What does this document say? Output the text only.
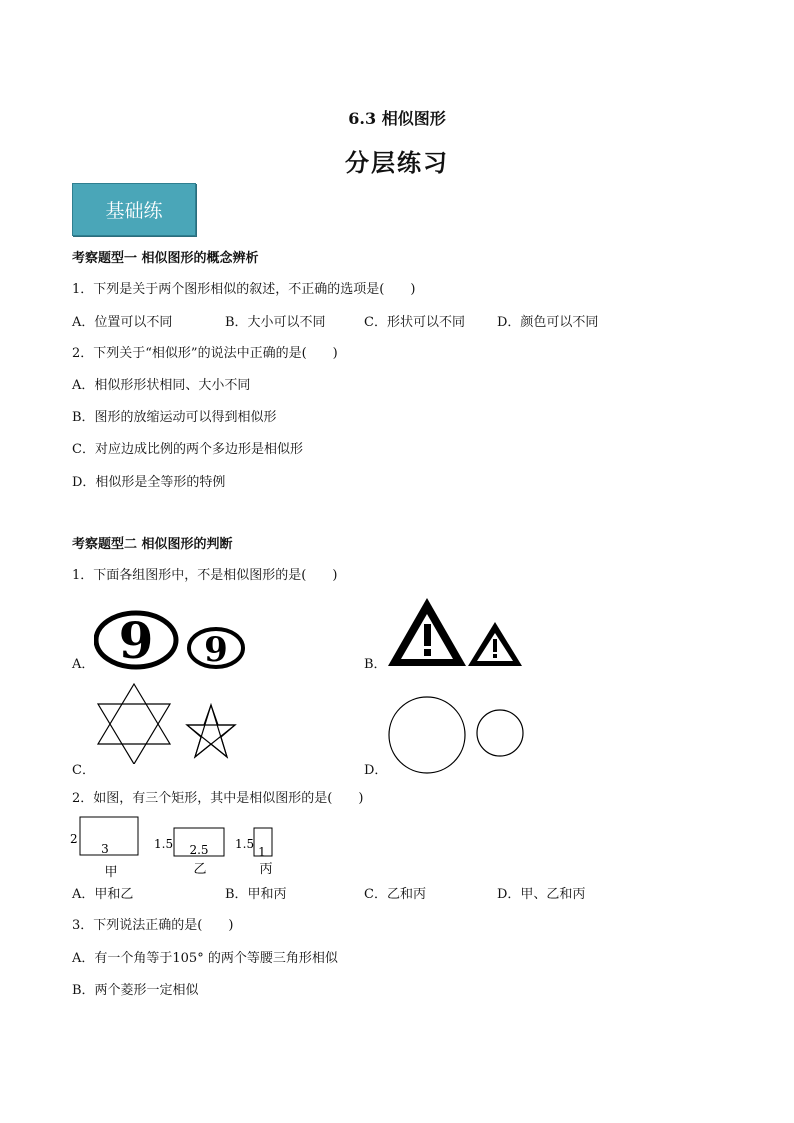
6.3 相似图形
分层练习
基础练
考察题型一 相似图形的概念辨析
1．下列是关于两个图形相似的叙述，不正确的选项是(　　)
A．位置可以不同	B．大小可以不同	C．形状可以不同 D．颜色可以不同
2．下列关于“相似形”的说法中正确的是(　　)
A．相似形形状相同、大小不同
B．图形的放缩运动可以得到相似形
C．对应边成比例的两个多边形是相似形
D．相似形是全等形的特例
考察题型二 相似图形的判断
1．下面各组图形中，不是相似图形的是(　　)
A． 9 9	B．
C．	D．
2．如图，有三个矩形，其中是相似图形的是(　　)
2
3
甲
1.5 2.5
乙
1.5
1
丙
A．甲和乙	B．甲和丙	C．乙和丙	D．甲、乙和丙
3．下列说法正确的是(　　)
A．有一个角等于105° 的两个等腰三角形相似
B．两个菱形一定相似
